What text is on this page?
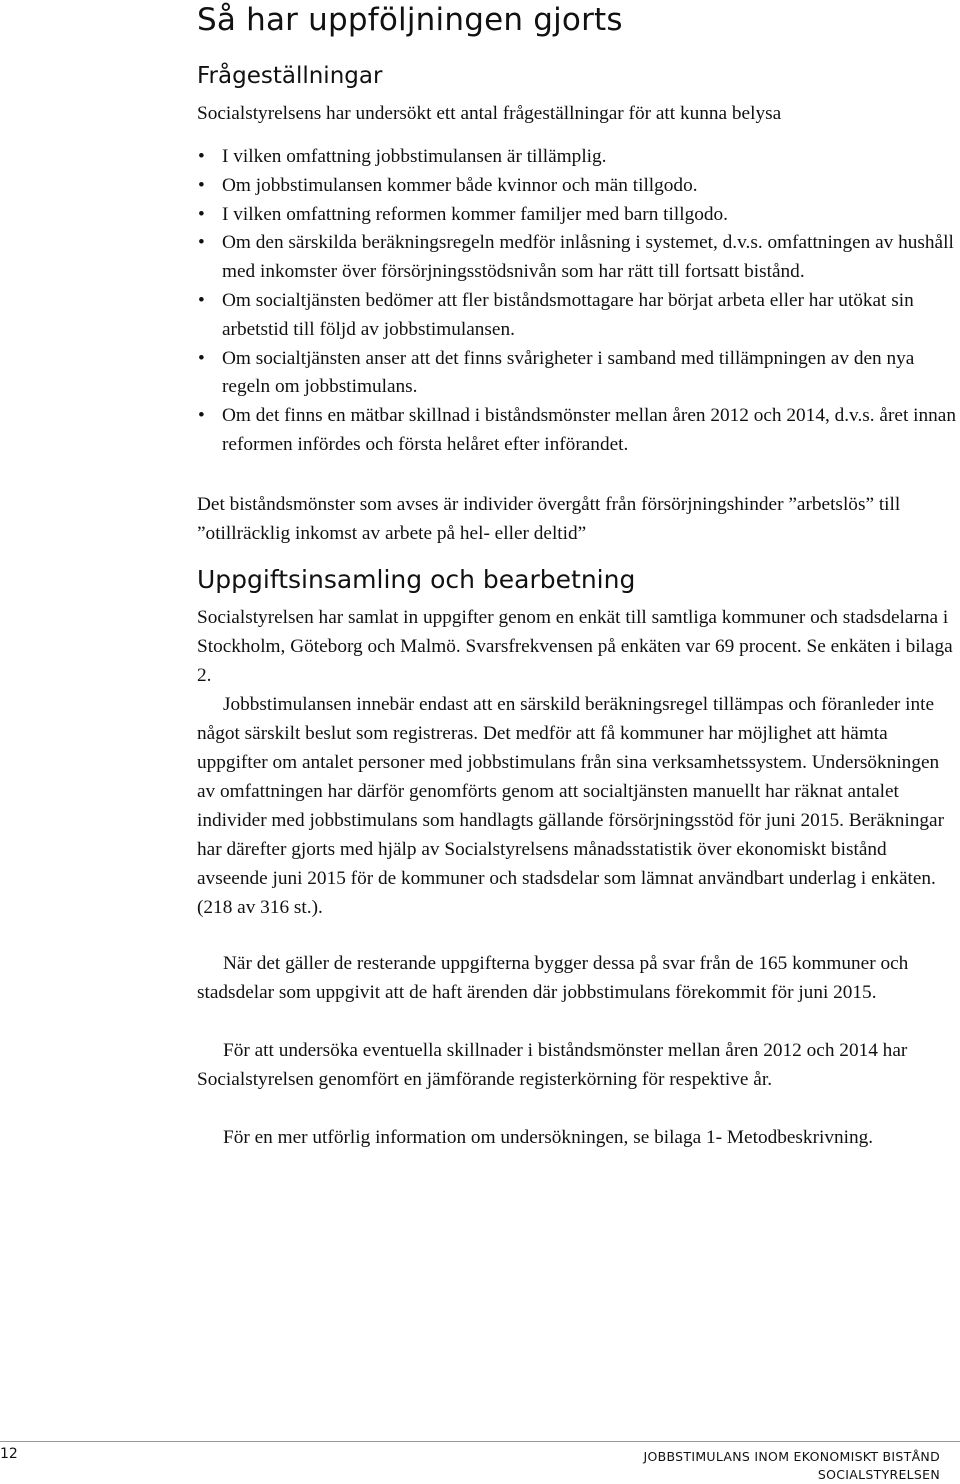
Så har uppföljningen gjorts
Frågeställningar

Socialstyrelsens har undersökt ett antal frågeställningar för att kunna belysa

• I vilken omfattning jobbstimulansen är tillämplig.
• Om jobbstimulansen kommer både kvinnor och män tillgodo.
• I vilken omfattning reformen kommer familjer med barn tillgodo.
• Om den särskilda beräkningsregeln medför inlåsning i systemet, d.v.s. omfattningen av hushåll med inkomster över försörjningsstödsnivån som har rätt till fortsatt bistånd.
• Om socialtjänsten bedömer att fler biståndsmottagare har börjat arbeta eller har utökat sin arbetstid till följd av jobbstimulansen.
• Om socialtjänsten anser att det finns svårigheter i samband med tillämpningen av den nya regeln om jobbstimulans.
• Om det finns en mätbar skillnad i biståndsmönster mellan åren 2012 och 2014, d.v.s. året innan reformen infördes och första helåret efter införandet.

Det biståndsmönster som avses är individer övergått från försörjningshinder ”arbetslös” till ”otillräcklig inkomst av arbete på hel- eller deltid”

Uppgiftsinsamling och bearbetning

Socialstyrelsen har samlat in uppgifter genom en enkät till samtliga kommuner och stadsdelarna i Stockholm, Göteborg och Malmö. Svarsfrekvensen på enkäten var 69 procent. Se enkäten i bilaga 2.

Jobbstimulansen innebär endast att en särskild beräkningsregel tillämpas och föranleder inte något särskilt beslut som registreras. Det medför att få kommuner har möjlighet att hämta uppgifter om antalet personer med jobbstimulans från sina verksamhetssystem. Undersökningen av omfattningen har därför genomförts genom att socialtjänsten manuellt har räknat antalet individer med jobbstimulans som handlagts gällande försörjningsstöd för juni 2015. Beräkningar har därefter gjorts med hjälp av Socialstyrelsens månadsstatistik över ekonomiskt bistånd avseende juni 2015 för de kommuner och stadsdelar som lämnat användbart underlag i enkäten. (218 av 316 st.).

När det gäller de resterande uppgifterna bygger dessa på svar från de 165 kommuner och stadsdelar som uppgivit att de haft ärenden där jobbstimulans förekommit för juni 2015.

För att undersöka eventuella skillnader i biståndsmönster mellan åren 2012 och 2014 har Socialstyrelsen genomfört en jämförande registerkörning för respektive år.

För en mer utförlig information om undersökningen, se bilaga 1- Metodbeskrivning.

12	JOBBSTIMULANS INOM EKONOMISKT BISTÅND
SOCIALSTYRELSEN
